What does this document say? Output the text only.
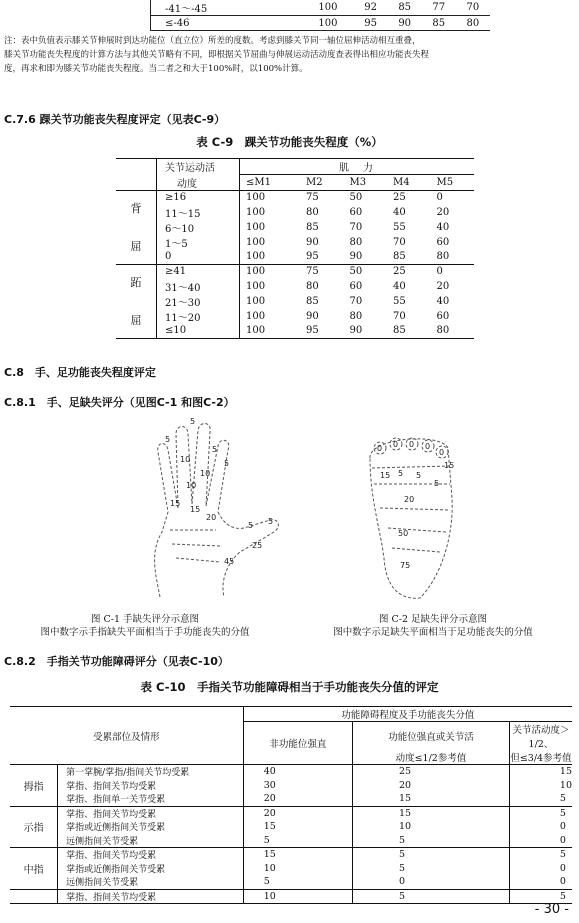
-41～-45	100	92	85	77	70
≤-46	100	95	90	85	80
注：表中负值表示膝关节伸展时到达功能位（直立位）所差的度数。考虑到膝关节同一轴位屈伸活动相互重叠，
膝关节功能丧失程度的计算方法与其他关节略有不同，即根据关节屈曲与伸展运动活动度查表得出相应功能丧失程
度，再求和即为膝关节功能丧失程度。当二者之和大于100%时，以100%计算。
C.7.6 踝关节功能丧失程度评定（见表C-9）
表 C-9　踝关节功能丧失程度（%）
	关节运动活	肌　力				
	动度	≤M1	M2	M3	M4	M5

背
屈	≥16	100	75	50	25	0
	11～15	100	80	60	40	20
	6～10	100	85	70	55	40
	1～5	100	90	80	70	60
	0	100	95	90	85	80

跖
屈	≥41	100	75	50	25	0
	31～40	100	80	60	40	20
	21～30	100	85	70	55	40
	11～20	100	90	80	70	60
	≤10	100	95	90	85	80
C.8　手、足功能丧失程度评定
C.8.1　手、足缺失评分（见图C-1 和图C-2）
5
5
5
10	5
10
10
15
15
20
5 5
25
45
0 0 0 0
0
15
15 5 5
5
20
50
75
图 C-1 手缺失评分示意图
图中数字示手指缺失平面相当于手功能丧失的分值
图 C-2 足缺失评分示意图
图中数字示足缺失平面相当于足功能丧失的分值
C.8.2　手指关节功能障碍评分（见表C-10）
表 C-10　手指关节功能障碍相当于手功能丧失分值的评定
受累部位及情形		功能障碍程度及手功能丧失分值		
		非功能位强直	功能位强直或关节活	关节活动度＞1/2、
			动度≤1/2参考值	但≤3/4参考值
拇指	第一掌腕/掌指/指间关节均受累	40	25	15
	掌指、指间关节均受累	30	20	10
	掌指、指间单一关节受累	20	15	5
示指	掌指、指间关节均受累	20	15	5
	掌指或近侧指间关节受累	15	10	0
	远侧指间关节受累	5	5	0
中指	掌指、指间关节均受累	15	5	5
	掌指或近侧指间关节受累	10	5	0
	远侧指间关节受累	5	0	0
	掌指、指间关节均受累	10	5	5
- 30 -
